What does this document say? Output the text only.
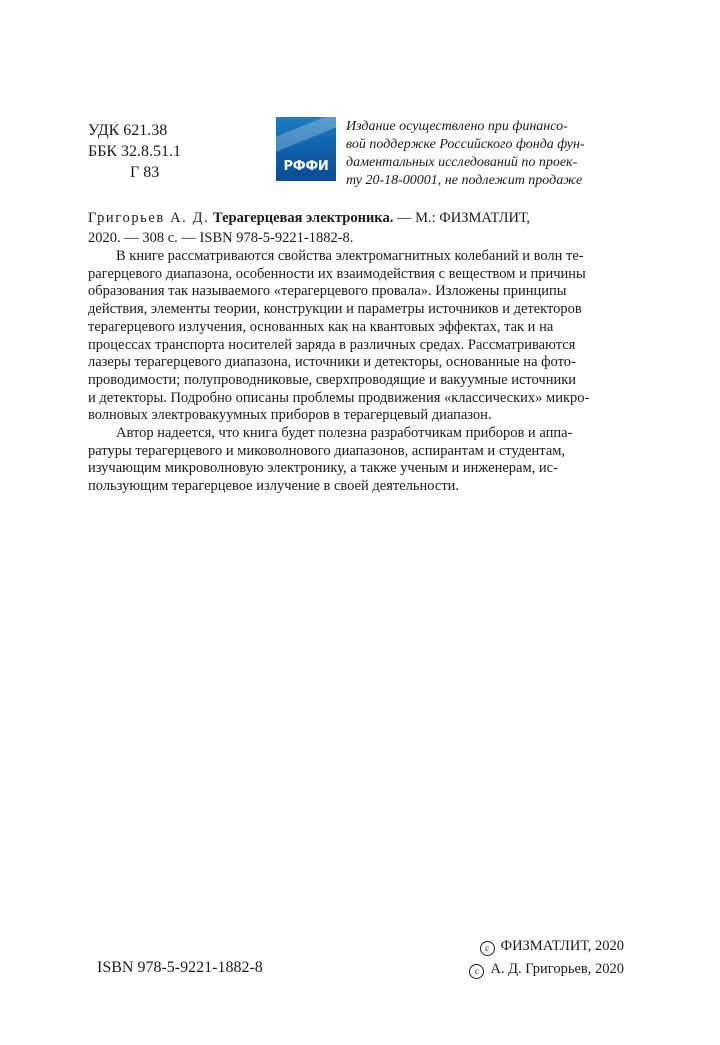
УДК 621.38
ББК 32.8.51.1
Г 83	РФФИ
Издание осуществлено при финансо-
вой поддержке Российского фонда фун-
даментальных исследований по проек-
ту 20-18-00001, не подлежит продаже
Григорьев А. Д. Терагерцевая электроника. — М.: ФИЗМАТЛИТ,
2020. — 308 с. — ISBN 978-5-9221-1882-8.

В книге рассматриваются свойства электромагнитных колебаний и волн те-
рагерцевого диапазона, особенности их взаимодействия с веществом и причины
образования так называемого «терагерцевого провала». Изложены принципы
действия, элементы теории, конструкции и параметры источников и детекторов
терагерцевого излучения, основанных как на квантовых эффектах, так и на
процессах транспорта носителей заряда в различных средах. Рассматриваются
лазеры терагерцевого диапазона, источники и детекторы, основанные на фото-
проводимости; полупроводниковые, сверхпроводящие и вакуумные источники
и детекторы. Подробно описаны проблемы продвижения «классических» микро-
волновых электровакуумных приборов в терагерцевый диапазон.

Автор надеется, что книга будет полезна разработчикам приборов и аппа-
ратуры терагерцевого и миковолнового диапазонов, аспирантам и студентам,
изучающим микроволновую электронику, а также ученым и инженерам, ис-
пользующим терагерцевое излучение в своей деятельности.

ISBN 978-5-9221-1882-8
c ФИЗМАТЛИТ, 2020
c А. Д. Григорьев, 2020
